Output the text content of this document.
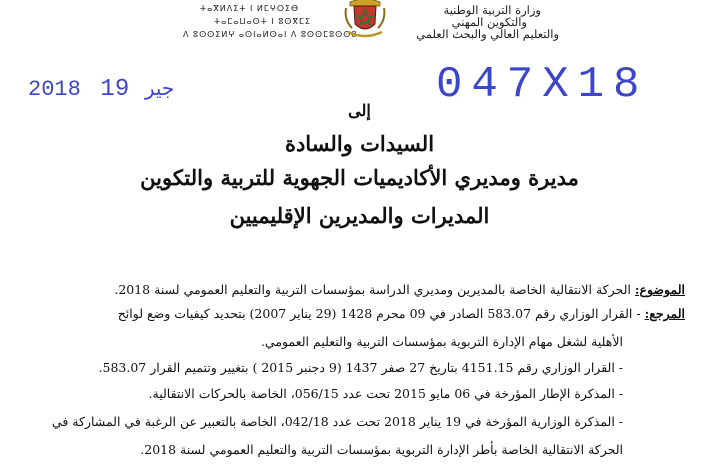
ⵜⴰⴳⵍⴷⵉⵜ ⵏ ⵍⵎⵖⵔⵉⴱ
ⵜⴰⵎⴰⵡⴰⵙⵜ ⵏ ⵓⵙⴳⵎⵉ
ⴷ ⵓⵙⵙⵉⵍⵖ ⴰⵙⵏⴰⵍⵙⴰⵏ ⴷ ⵓⵙⵙⵎⵓⵙⵙⵓ
وزارة التربية الوطنية
والتكوين المهني
والتعليم العالي والبحث العلمي
2018	جير 19	047X18
إلى
السيدات والسادة
مديرة ومديري الأكاديميات الجهوية للتربية والتكوين
المديرات والمديرين الإقليميين
الموضوع: الحركة الانتقالية الخاصة بالمديرين ومديري الدراسة بمؤسسات التربية والتعليم العمومي لسنة 2018.
المرجع: - القرار الوزاري رقم 583.07 الصادر في 09 محرم 1428 (29 يناير 2007) بتحديد كيفيات وضع لوائح
الأهلية لشغل مهام الإدارة التربوية بمؤسسات التربية والتعليم العمومي.
- القرار الوزاري رقم 4151.15 بتاريخ 27 صفر 1437 (9 دجنبر 2015 ) بتغيير وتتميم القرار 583.07.
- المذكرة الإطار المؤرخة في 06 مايو 2015 تحت عدد 056/15، الخاصة بالحركات الانتقالية.
- المذكرة الوزارية المؤرخة في 19 يناير 2018 تحت عدد 042/18، الخاصة بالتعبير عن الرغبة في المشاركة في
الحركة الانتقالية الخاصة بأطر الإدارة التربوية بمؤسسات التربية والتعليم العمومي لسنة 2018.
